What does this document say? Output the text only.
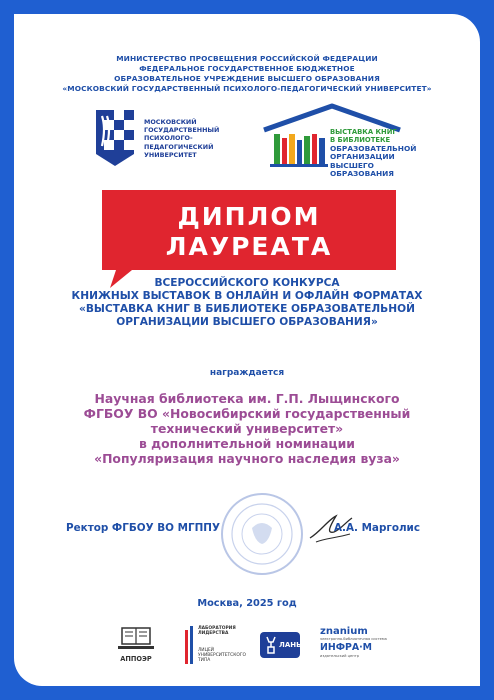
МИНИСТЕРСТВО ПРОСВЕЩЕНИЯ РОССИЙСКОЙ ФЕДЕРАЦИИ
ФЕДЕРАЛЬНОЕ ГОСУДАРСТВЕННОЕ БЮДЖЕТНОЕ
ОБРАЗОВАТЕЛЬНОЕ УЧРЕЖДЕНИЕ ВЫСШЕГО ОБРАЗОВАНИЯ
«МОСКОВСКИЙ ГОСУДАРСТВЕННЫЙ ПСИХОЛОГО-ПЕДАГОГИЧЕСКИЙ УНИВЕРСИТЕТ»
МОСКОВСКИЙ
ГОСУДАРСТВЕННЫЙ
ПСИХОЛОГО-
ПЕДАГОГИЧЕСКИЙ
УНИВЕРСИТЕТ
ВЫСТАВКА КНИГ
В БИБЛИОТЕКЕ
ОБРАЗОВАТЕЛЬНОЙ
ОРГАНИЗАЦИИ
ВЫСШЕГО
ОБРАЗОВАНИЯ
ДИПЛОМ
ЛАУРЕАТА
ВСЕРОССИЙСКОГО КОНКУРСА
КНИЖНЫХ ВЫСТАВОК В ОНЛАЙН И ОФЛАЙН ФОРМАТАХ
«ВЫСТАВКА КНИГ В БИБЛИОТЕКЕ ОБРАЗОВАТЕЛЬНОЙ
ОРГАНИЗАЦИИ ВЫСШЕГО ОБРАЗОВАНИЯ»
награждается
Научная библиотека им. Г.П. Лыщинского
ФГБОУ ВО «Новосибирский государственный
технический университет»
в дополнительной номинации
«Популяризация научного наследия вуза»
Ректор ФГБОУ ВО МГППУ	А.А. Марголис
Москва, 2025 год
АППОЭР
ЛАБОРАТОРИЯ
ЛИДЕРСТВА
ЛИЦЕЙ
УНИВЕРСИТЕТСКОГО
ТИПА
ЛАНЬ
znanium
электронно-библиотечная система
ИНФРА·М
издательский центр
